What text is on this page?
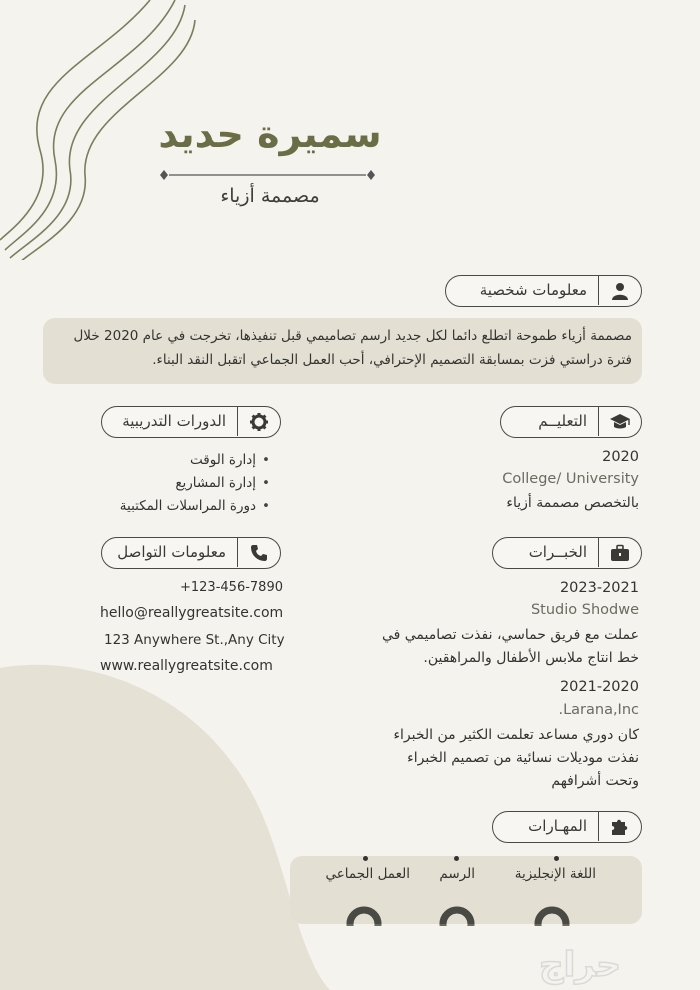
سميرة حديد
مصممة أزياء
معلومات شخصية
مصممة أزياء طموحة اتطلع دائما لكل جديد ارسم تصاميمي قبل تنفيذها، تخرجت في عام 2020 خلال فترة دراستي فزت بمسابقة التصميم الإحترافي، أحب العمل الجماعي اتقبل النقد البناء.
التعليــم
2020
College/ University
بالتخصص مصممة أزياء
الدورات التدريبية
• إدارة الوقت
• إدارة المشاريع
• دورة المراسلات المكتبية
الخبــرات
2023-2021
Studio Shodwe
عملت مع فريق حماسي، نفذت تصاميمي في
خط انتاج ملابس الأطفال والمراهقين.
2021-2020
Larana,Inc.
كان دوري مساعد تعلمت الكثير من الخبراء
نفذت موديلات نسائية من تصميم الخبراء
وتحت أشرافهم
معلومات التواصل
+123-456-7890
hello@reallygreatsite.com
123 Anywhere St.,Any City
www.reallygreatsite.com
المهـارات
اللغة الإنجليزية
الرسم
العمل الجماعي
حراج
